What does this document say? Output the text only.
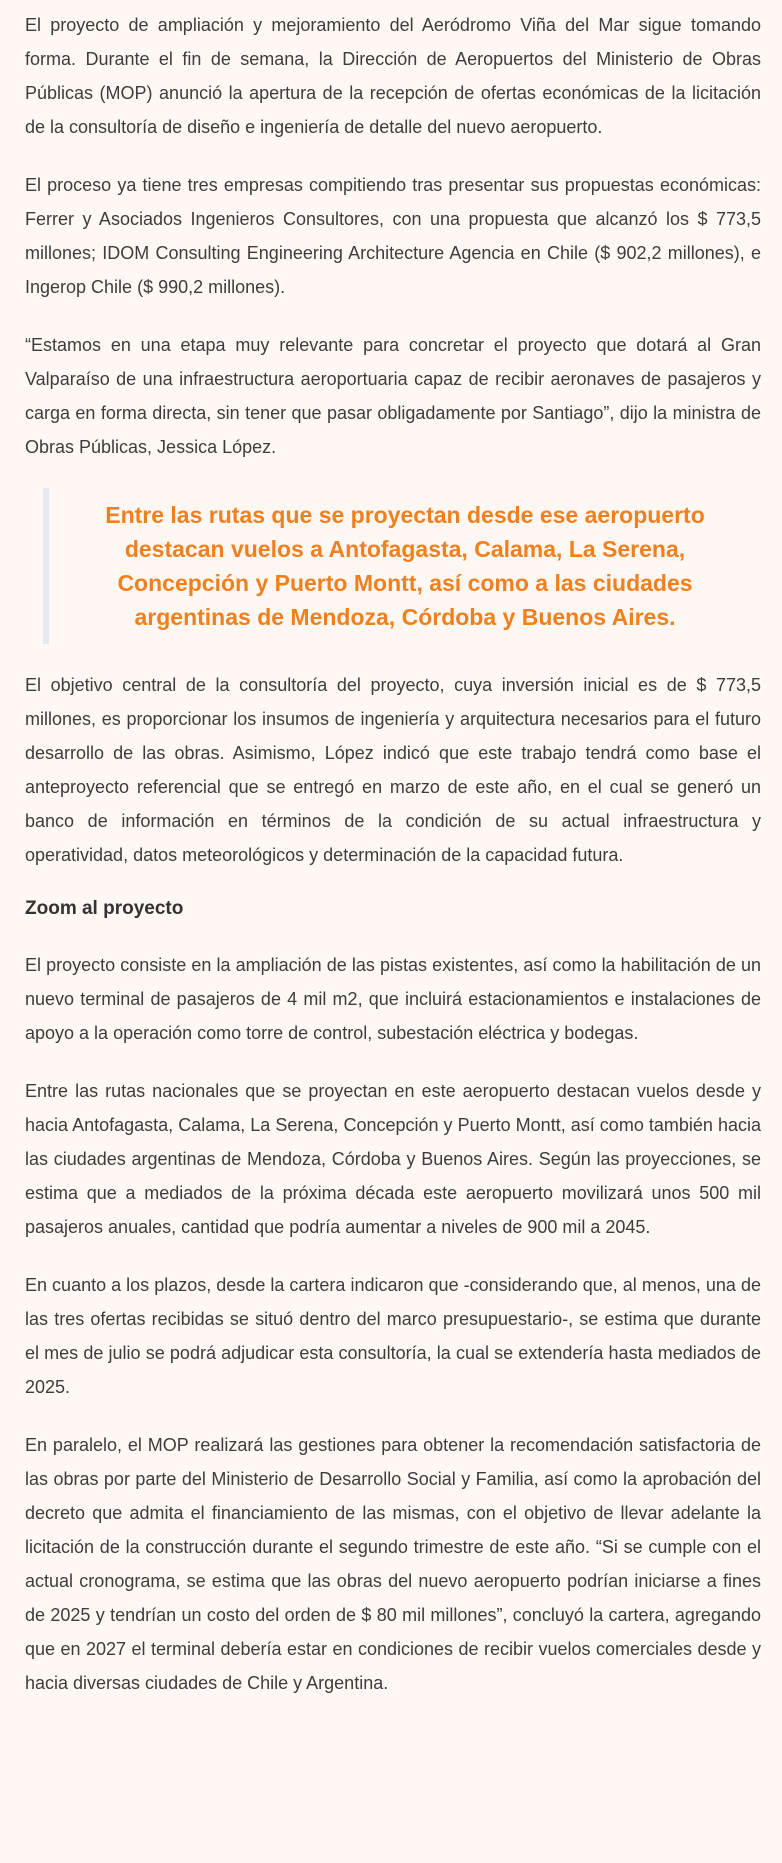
El proyecto de ampliación y mejoramiento del Aeródromo Viña del Mar sigue tomando forma. Durante el fin de semana, la Dirección de Aeropuertos del Ministerio de Obras Públicas (MOP) anunció la apertura de la recepción de ofertas económicas de la licitación de la consultoría de diseño e ingeniería de detalle del nuevo aeropuerto.

El proceso ya tiene tres empresas compitiendo tras presentar sus propuestas económicas: Ferrer y Asociados Ingenieros Consultores, con una propuesta que alcanzó los $ 773,5 millones; IDOM Consulting Engineering Architecture Agencia en Chile ($ 902,2 millones), e Ingerop Chile ($ 990,2 millones).

“Estamos en una etapa muy relevante para concretar el proyecto que dotará al Gran Valparaíso de una infraestructura aeroportuaria capaz de recibir aeronaves de pasajeros y carga en forma directa, sin tener que pasar obligadamente por Santiago”, dijo la ministra de Obras Públicas, Jessica López.

Entre las rutas que se proyectan desde ese aeropuerto destacan vuelos a Antofagasta, Calama, La Serena, Concepción y Puerto Montt, así como a las ciudades argentinas de Mendoza, Córdoba y Buenos Aires.

El objetivo central de la consultoría del proyecto, cuya inversión inicial es de $ 773,5 millones, es proporcionar los insumos de ingeniería y arquitectura necesarios para el futuro desarrollo de las obras. Asimismo, López indicó que este trabajo tendrá como base el anteproyecto referencial que se entregó en marzo de este año, en el cual se generó un banco de información en términos de la condición de su actual infraestructura y operatividad, datos meteorológicos y determinación de la capacidad futura.

Zoom al proyecto

El proyecto consiste en la ampliación de las pistas existentes, así como la habilitación de un nuevo terminal de pasajeros de 4 mil m2, que incluirá estacionamientos e instalaciones de apoyo a la operación como torre de control, subestación eléctrica y bodegas.

Entre las rutas nacionales que se proyectan en este aeropuerto destacan vuelos desde y hacia Antofagasta, Calama, La Serena, Concepción y Puerto Montt, así como también hacia las ciudades argentinas de Mendoza, Córdoba y Buenos Aires. Según las proyecciones, se estima que a mediados de la próxima década este aeropuerto movilizará unos 500 mil pasajeros anuales, cantidad que podría aumentar a niveles de 900 mil a 2045.

En cuanto a los plazos, desde la cartera indicaron que -considerando que, al menos, una de las tres ofertas recibidas se situó dentro del marco presupuestario-, se estima que durante el mes de julio se podrá adjudicar esta consultoría, la cual se extendería hasta mediados de 2025.

En paralelo, el MOP realizará las gestiones para obtener la recomendación satisfactoria de las obras por parte del Ministerio de Desarrollo Social y Familia, así como la aprobación del decreto que admita el financiamiento de las mismas, con el objetivo de llevar adelante la licitación de la construcción durante el segundo trimestre de este año. “Si se cumple con el actual cronograma, se estima que las obras del nuevo aeropuerto podrían iniciarse a fines de 2025 y tendrían un costo del orden de $ 80 mil millones”, concluyó la cartera, agregando que en 2027 el terminal debería estar en condiciones de recibir vuelos comerciales desde y hacia diversas ciudades de Chile y Argentina.
